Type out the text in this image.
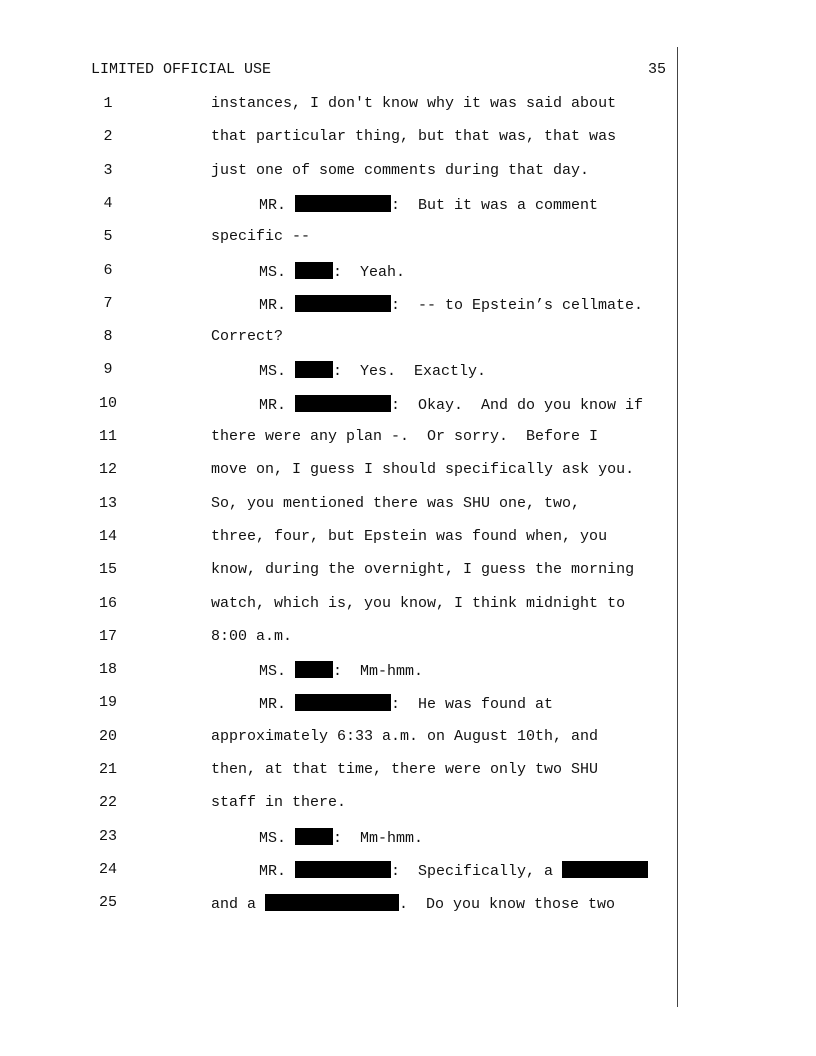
LIMITED OFFICIAL USE	35
1	instances, I don't know why it was said about
2	that particular thing, but that was, that was
3	just one of some comments during that day.
4	MR.	:  But it was a comment
5	specific --
6	MS.	:  Yeah.
7	MR.	:  -- to Epstein’s cellmate.
8	Correct?
9	MS.	:  Yes.  Exactly.
10	MR.	:  Okay.  And do you know if
11	there were any plan -.  Or sorry.  Before I
12	move on, I guess I should specifically ask you.
13	So, you mentioned there was SHU one, two,
14	three, four, but Epstein was found when, you
15	know, during the overnight, I guess the morning
16	watch, which is, you know, I think midnight to
17	8:00 a.m.
18	MS.	:  Mm-hmm.
19	MR.	:  He was found at
20	approximately 6:33 a.m. on August 10th, and
21	then, at that time, there were only two SHU
22	staff in there.
23	MS.	:  Mm-hmm.
24	MR.	:  Specifically, a
25	and a	.  Do you know those two
